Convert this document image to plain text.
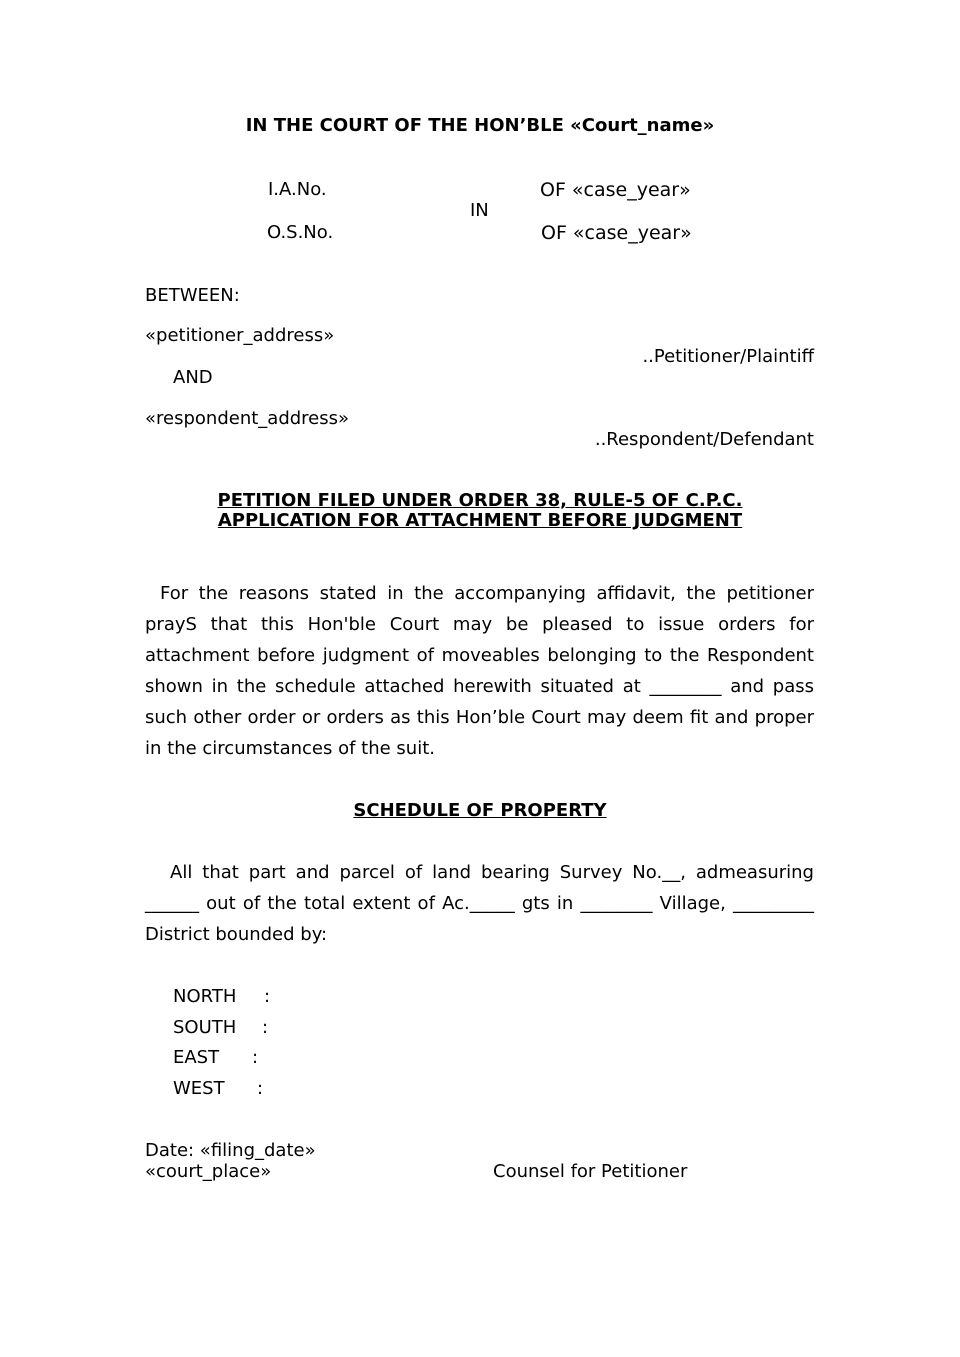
IN THE COURT OF THE HON’BLE «Court_name»
I.A.No.	OF «case_year»
IN
O.S.No.	OF «case_year»
BETWEEN:
«petitioner_address»
..Petitioner/Plaintiff
AND
«respondent_address»
..Respondent/Defendant
PETITION FILED UNDER ORDER 38, RULE-5 OF C.P.C.
APPLICATION FOR ATTACHMENT BEFORE JUDGMENT
For the reasons stated in the accompanying affidavit, the petitioner prayS that this Hon'ble Court may be pleased to issue orders for attachment before judgment of moveables belonging to the Respondent shown in the schedule attached herewith situated at ________ and pass such other order or orders as this Hon’ble Court may deem fit and proper in the circumstances of the suit.
SCHEDULE OF PROPERTY
All that part and parcel of land bearing Survey No.__, admeasuring ______ out of the total extent of Ac._____ gts in ________ Village, _________ District bounded by:
NORTH :
SOUTH :
EAST :
WEST :
Date: «filing_date»
«court_place»	Counsel for Petitioner
